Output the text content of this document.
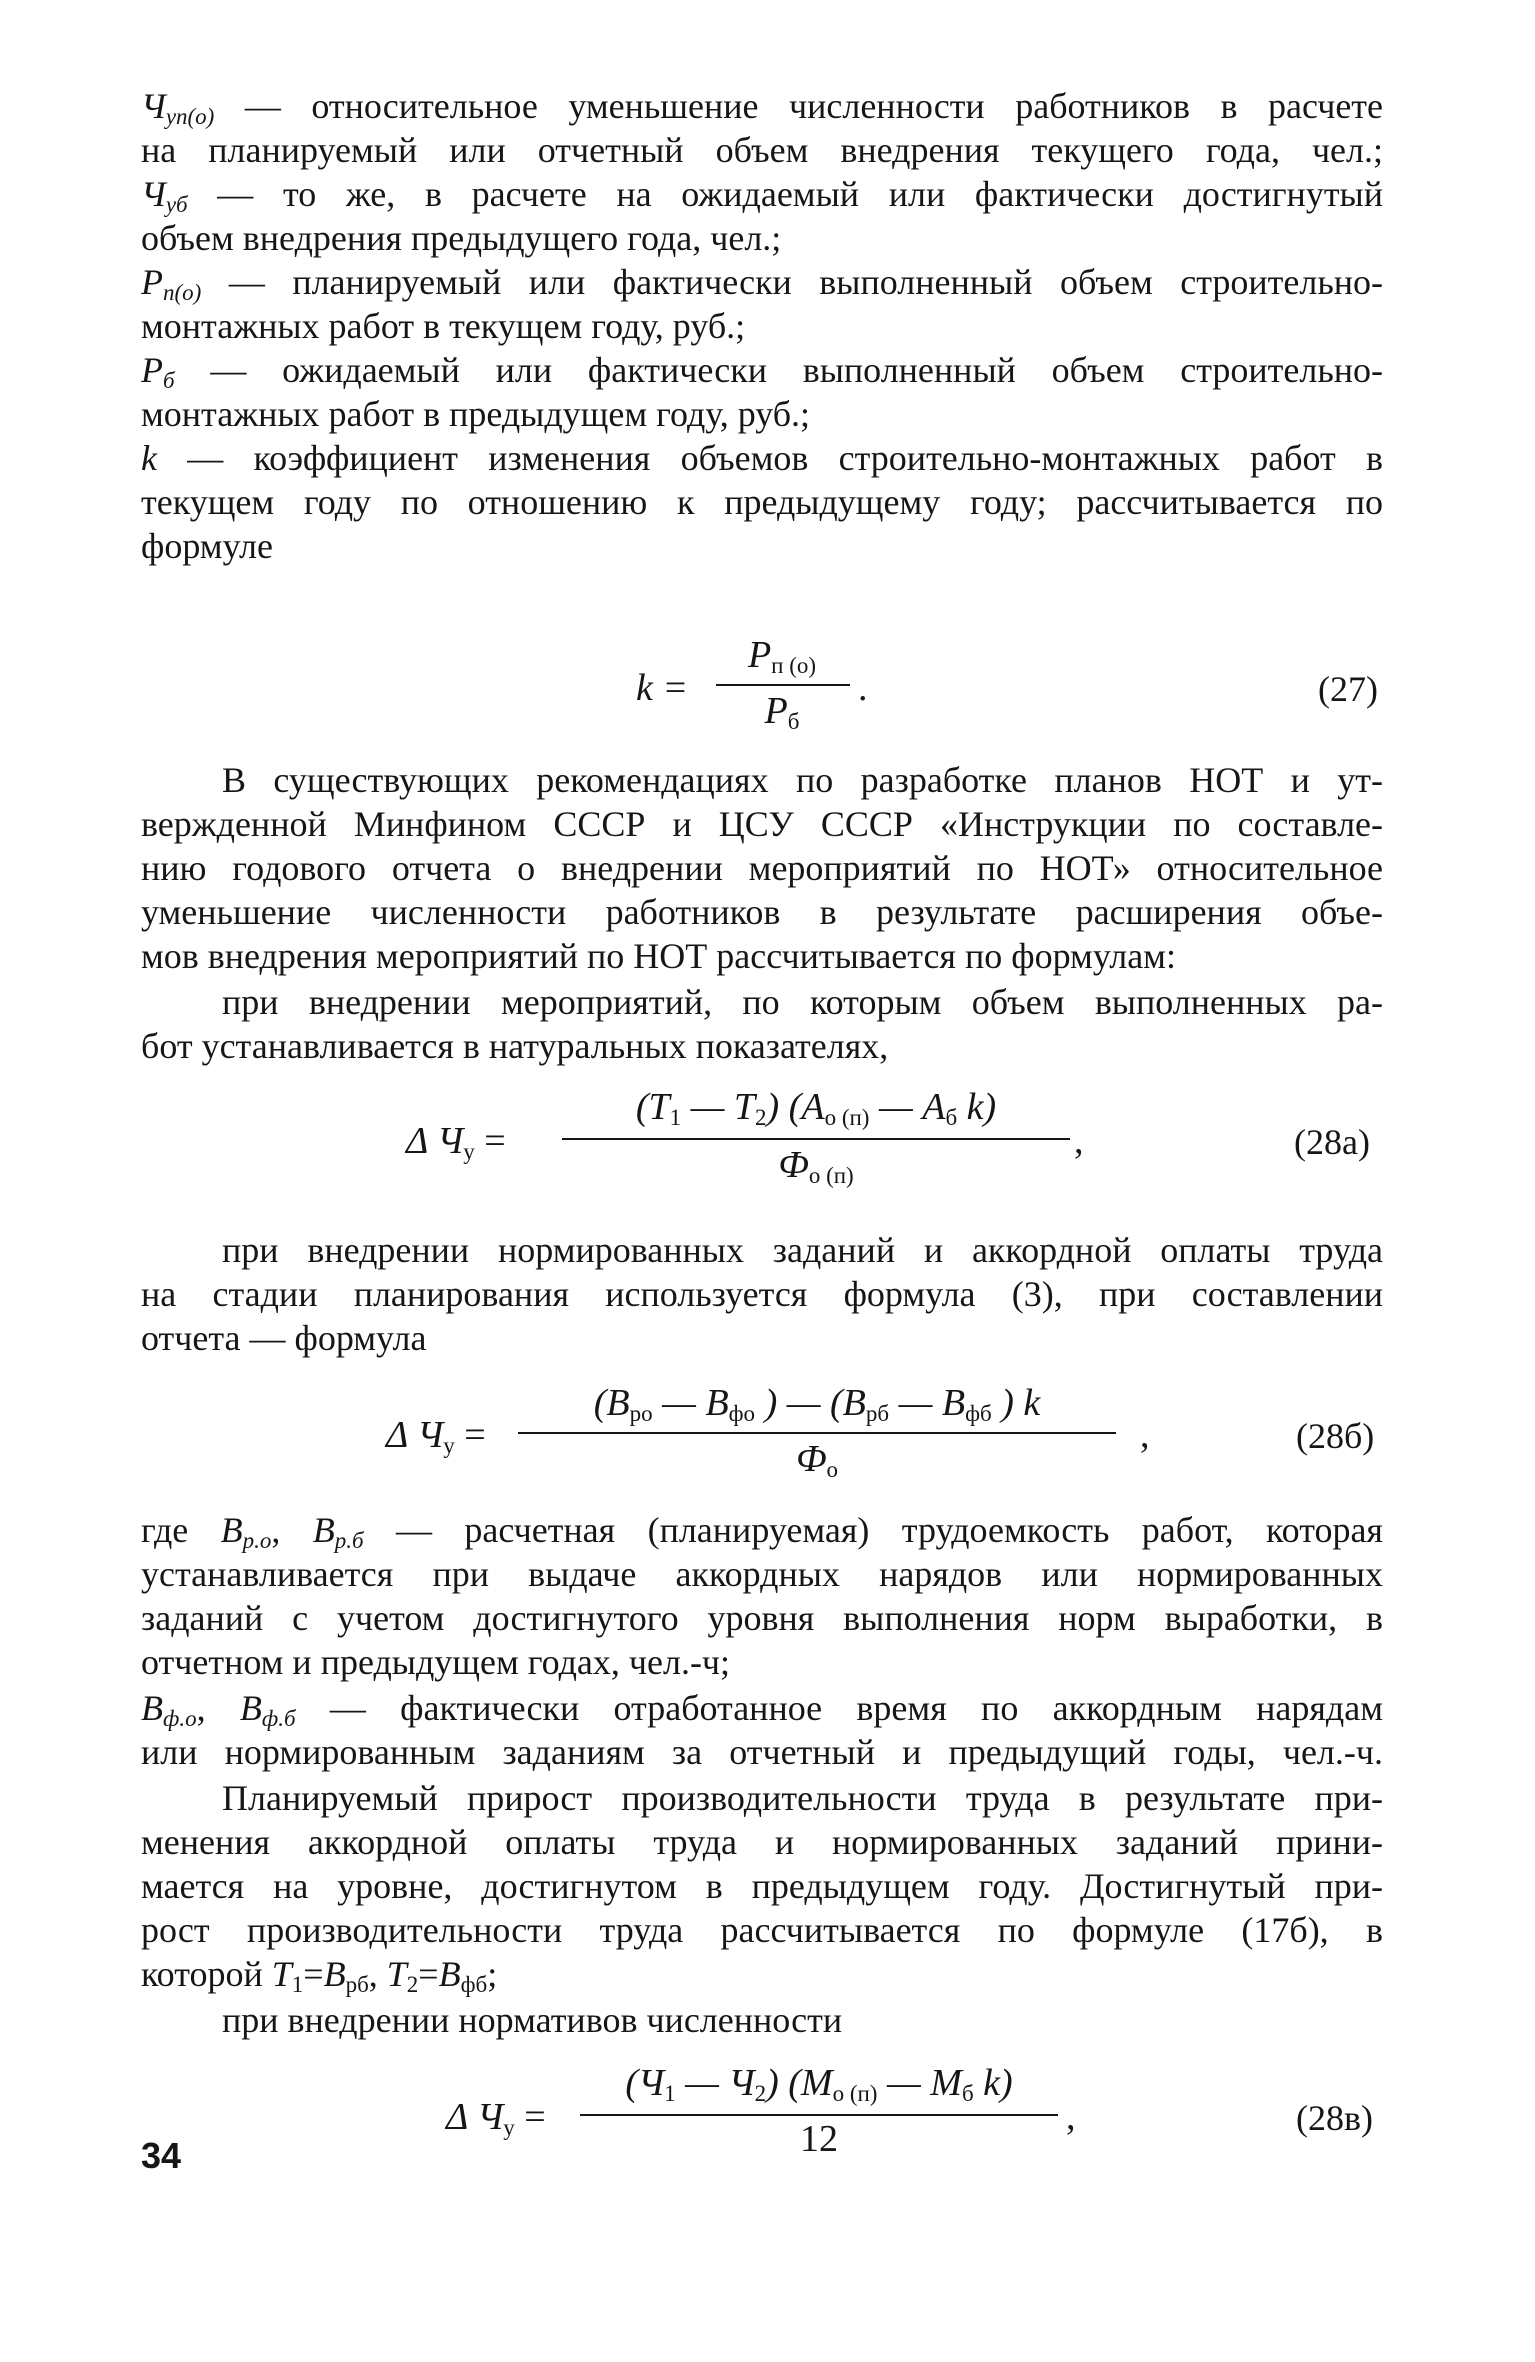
$Ч_{уп(о)}$ — относительное уменьшение численности работников в расчете
на планируемый или отчетный объем внедрения текущего года, чел.;
$Ч_{уб}$ — то же, в расчете на ожидаемый или фактически достигнутый
объем внедрения предыдущего года, чел.;
$Р_{п(о)}$ — планируемый или фактически выполненный объем строительно-
монтажных работ в текущем году, руб.;
$Р_б$ — ожидаемый или фактически выполненный объем строительно-
монтажных работ в предыдущем году, руб.;
k — коэффициент изменения объемов строительно-монтажных работ в
текущем году по отношению к предыдущему году; рассчитывается по
формуле
k =
$Р_{п (о)}$
$Р_б$
.	(27)
В существующих рекомендациях по разработке планов НОТ и ут-
вержденной Минфином СССР и ЦСУ СССР «Инструкции по составле-
нию годового отчета о внедрении мероприятий по НОТ» относительное
уменьшение численности работников в результате расширения объе-
мов внедрения мероприятий по НОТ рассчитывается по формулам:
при внедрении мероприятий, по которым объем выполненных ра-
бот устанавливается в натуральных показателях,
Δ $Ч_у$ =
($T_1$ — $T_2$) ($A_{о (п)}$ — $A_б$ k)
$Ф_{о (п)}$
,	(28а)
при внедрении нормированных заданий и аккордной оплаты труда
на стадии планирования используется формула (3), при составлении
отчета — формула
Δ $Ч_у$ =
($В_{ро}$ — $В_{фо}$ ) — ($В_{рб}$ — $В_{фб}$ ) k
$Ф_о$
,	(28б)
где $В_{р.о}$, $В_{р.б}$ — расчетная (планируемая) трудоемкость работ, которая
устанавливается при выдаче аккордных нарядов или нормированных
заданий с учетом достигнутого уровня выполнения норм выработки, в
отчетном и предыдущем годах, чел.-ч;
$В_{ф.о}$, $В_{ф.б}$ — фактически отработанное время по аккордным нарядам
или нормированным заданиям за отчетный и предыдущий годы, чел.-ч.
Планируемый прирост производительности труда в результате при-
менения аккордной оплаты труда и нормированных заданий прини-
мается на уровне, достигнутом в предыдущем году. Достигнутый при-
рост производительности труда рассчитывается по формуле (17б), в
которой $T_1=В_{рб}$, $T_2=В_{фб}$;
при внедрении нормативов численности
Δ $Ч_у$ =
($Ч_1$ — $Ч_2$) ($М_{о (п)}$ — $М_б$ k)
12
,	(28в)
34
